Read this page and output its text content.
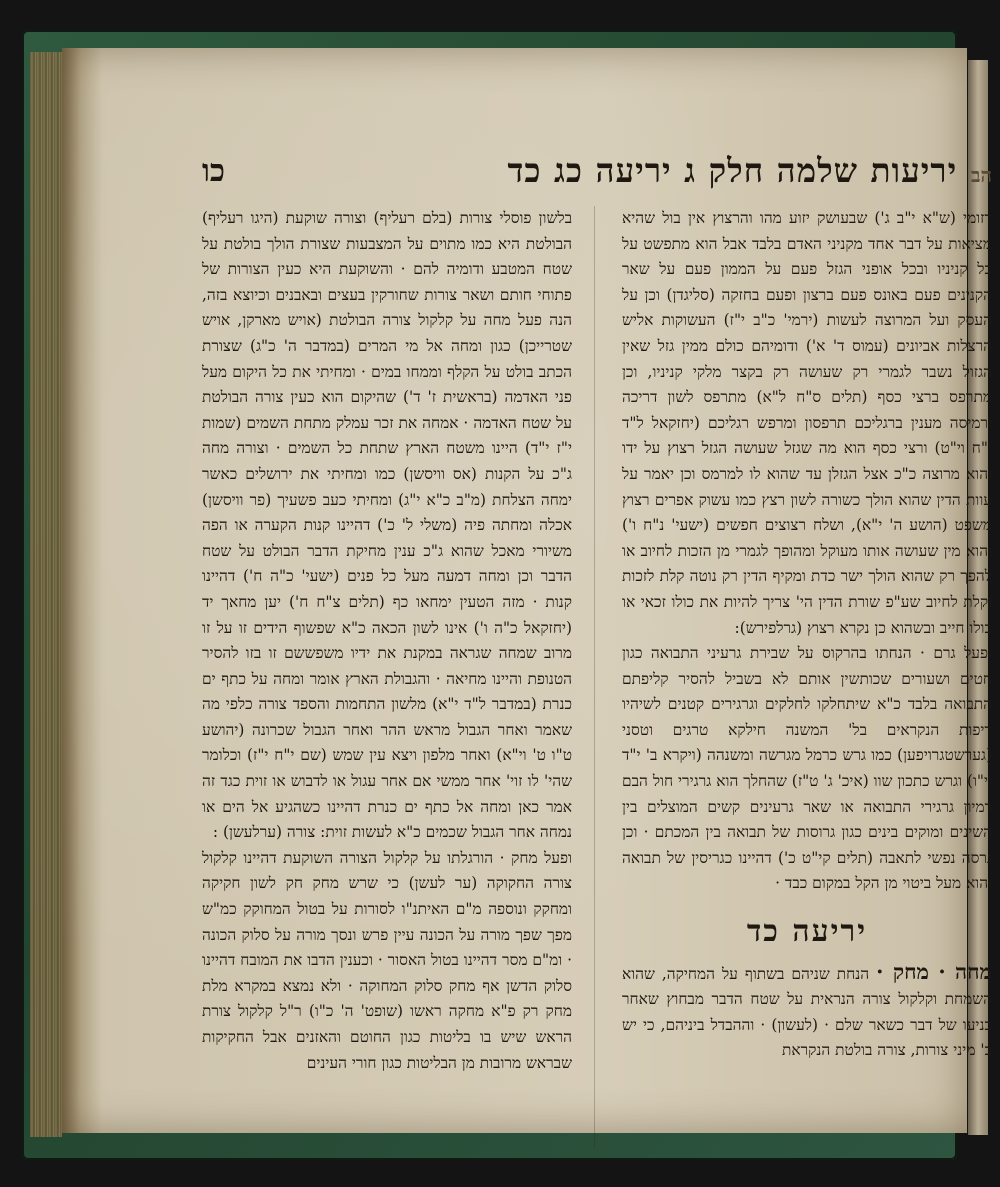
הב יריעות שלמה חלק ג יריעה כג כד
כו

רזומי (ש"א י"ב ג') שבעושק יזוע מהו והרצוץ אין בול שהיא מציאות על דבר אחד מקניני האדם בלבד אבל הוא מתפשט על כל קניניו ובכל אופני הגזל פעם על הממון פעם על שאר הקנינים פעם באונס פעם ברצון ופעם בחזקה (סליגדן) וכן על העסק ועל המרוצה לעשות (ירמי' כ"ב י"ז) העשוקות אליש הרצלות אביונים (עמוס ד' א') ודומיהם כולם ממין גזל שאין הגזול נשבר לגמרי רק שעושה רק בקצר מלקי קניניו, וכן מתרפס ברצי כסף (תלים ס"ח ל"א) מתרפס לשון דריכה ורמיסה מענין ברגליכם תרפסון ומרפש רגליכם (יחזקאל ל"ד י"ח וי"ט) ורצי כסף הוא מה שגזל שעושה הגזל רצוץ על ידו והוא מרוצה כ"כ אצל הגזלן עד שהוא לו למרמס וכן יאמר על עוות הדין שהוא הולך כשורה לשון רצץ כמו עשוק אפרים רצוץ משפט (הושע ה' י"א), ושלח רצוצים חפשים (ישעי' נ"ח ו') והוא מין שעושה אותו מעוקל ומהופך לגמרי מן הזכות לחיוב או להפך רק שהוא הולך ישר כדת ומקיף הדין רק נוטה קלת לזכות וקלת לחיוב שע"פ שורת הדין הי' צריך להיות את כולו זכאי או כולו חייב ובשהוא כן נקרא רצוץ (גרלפירש):

ופעל גרם · הנחתו בהרקוס על שבירת גרעיני התבואה כגון חטים ושעורים שכותשין אותם לא בשביל להסיר קליפתם התבואה בלבד כ"א שיתחלקו לחלקים וגרגירים קטנים לשיהיו ריפות הנקראים בל' המשנה חילקא טרגים וטסני (גערשטגרויפען) כמו גרש כרמל מגרשה ומשנהה (ויקרא ב' י"ד וי"ו) וגרש כתכון שוו (איכ' ג' ט"ז) שהחלך הוא גרגירי חול הבם דמיון גרגירי התבואה או שאר גרעינים קשים המוצלים בין השינים ומוקים בינים כגון גרוסות של תבואה בין המכתם · וכן גרסה נפשי לתאבה (תלים קי"ט כ') דהיינו כגריסין של תבואה והוא מעל ביטוי מן הקל במקום כבד ·

יריעה כד

מחה · מחק · הנחת שניהם בשתוף על המחיקה, שהוא השמחת וקלקול צורה הנראית על שטח הדבר מבחוץ שאחר כניעו של דבר כשאר שלם · (לעשון) · וההבדל ביניהם, כי יש ב' מיני צורות, צורה בולטת הנקראת

בלשון פוסלי צורות (בלם רעליף) וצורה שוקעת (היגו רעליף) הבולטת היא כמו מתוים על המצבעות שצורת הולך בולטת על שטח המטבע ודומיה להם · והשוקעת היא כעין הצורות של פתוחי חותם ושאר צורות שחורקין בעצים ובאבנים וכיוצא בזה, הנה פעל מחה על קלקול צורה הבולטת (אויש מארקן, אויש שטרייכן) כגון ומחה אל מי המרים (במדבר ה' כ"ג) שצורת הכתב בולט על הקלף וממחו במים · ומחיתי את כל היקום מעל פני האדמה (בראשית ז' ד') שהיקום הוא כעין צורה הבולטת על שטח האדמה · אמחה את זכר עמלק מתחת השמים (שמות י"ז י"ד) היינו משטח הארץ שתחת כל השמים · וצורה מחה ג"כ על הקנות (אס וויסשן) כמו ומחיתי את ירושלים כאשר ימחה הצלחת (מ"ב כ"א י"ג) ומחיתי כעב פשעיך (פר וויסשן) אכלה ומחתה פיה (משלי ל' כ') דהיינו קנות הקערה או הפה משיורי מאכל שהוא ג"כ ענין מחיקת הדבר הבולט על שטח הדבר וכן ומחה דמעה מעל כל פנים (ישעי' כ"ה ח') דהיינו קנות · מזה הטעין ימחאו כף (תלים צ"ח ח') יען מחאך יד (יחזקאל כ"ה ו') אינו לשון הכאה כ"א שפשוף הידים זו על זו מרוב שמחה שגראה במקנת את ידיו משפששם זו בזו להסיר הטנופת והיינו מחיאה · והגבולת הארץ אומר ומחה על כתף ים כנרת (במדבר ל"ד י"א) מלשון התחמות והספד צורה כלפי מה שאמר ואחר הגבול מראש ההר ואחר הגבול שכרונה (יהושע ט"ו ט' וי"א) ואחר מלפון ויצא עין שמש (שם י"ח י"ז) וכלומר שהי' לו זוי' אחר ממשי אם אחר עגול או לדבוש או זוית כגד זה אמר כאן ומחה אל כתף ים כנרת דהיינו כשהגיע אל הים או נמחה אחר הגבול שכמים כ"א לעשות זוית: צורה (ערלעשן) :

ופעל מחק · הורגלתו על קלקול הצורה השוקעת דהיינו קלקול צורה החקוקה (ער לעשן) כי שרש מחק חק לשון חקיקה ומחקק ונוספה מ"ם האיתנ"ו לסורות על בטול המחוקק כמ"ש מפך שפך מורה על הכונה עיין פרש ונסך מורה על סלוק הכונה · ומ"ם מסר דהיינו בטול האסור · וכענין הדבו את המובח דהיינו סלוק הדשן אף מחק סלוק המחוקה · ולא נמצא במקרא מלת מחק רק פ"א מחקה ראשו (שופט' ה' כ"ו) ר"ל קלקול צורת הראש שיש בו בליטות כגון החוטם והאזנים אבל החקיקות שבראש מרובות מן הבליטות כגון חורי העינים
